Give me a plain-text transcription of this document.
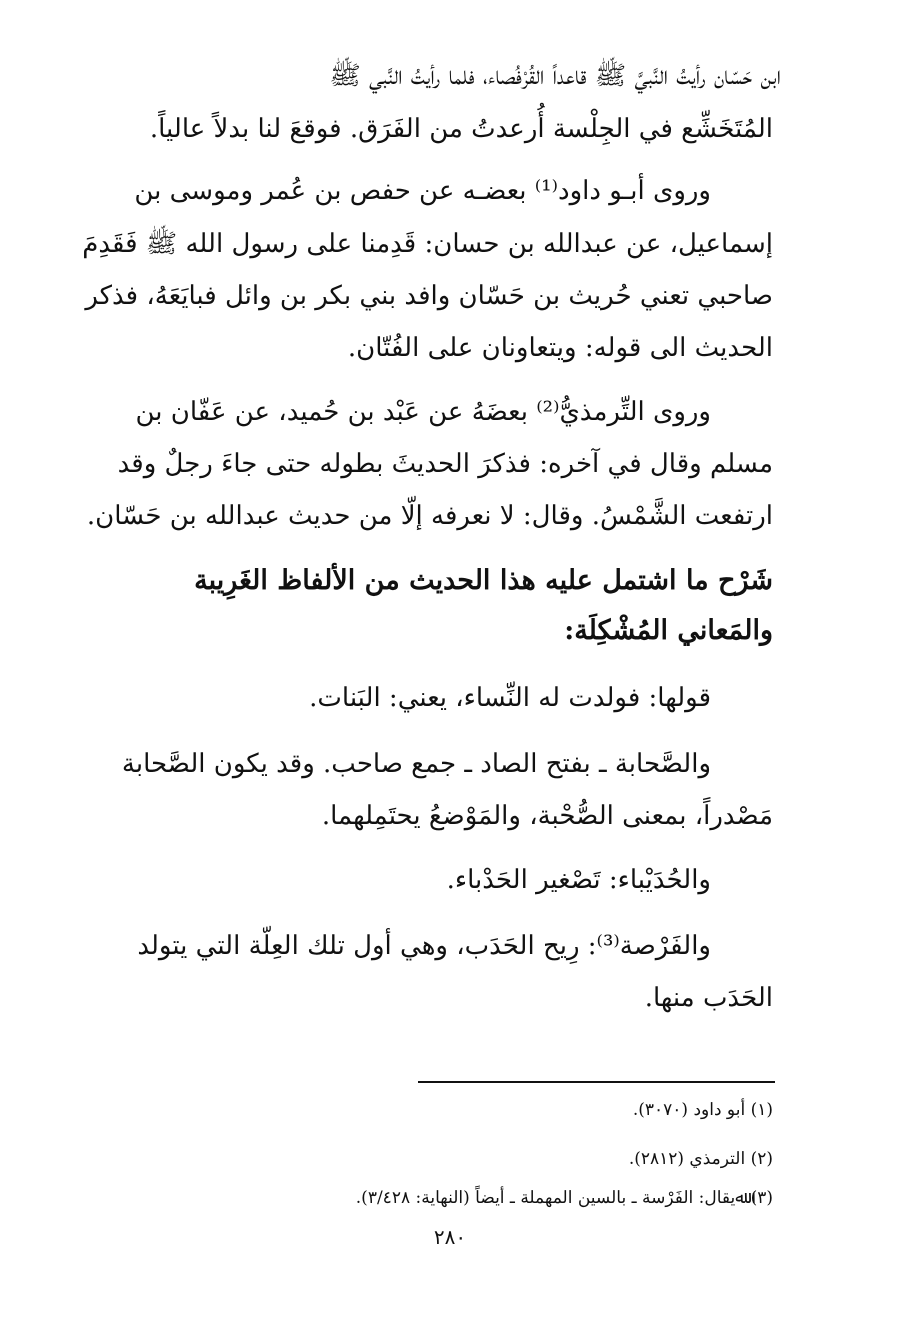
ابن حَسّان رأيتُ النَّبيَّ ﷺ قاعداً القُرْفُصاء، فلما رأيتُ النَّبي ﷺ
المُتَخَشِّع في الجِلْسة أُرعدتُ من الفَرَق. فوقعَ لنا بدلاً عالياً.
وروى أبـو داود⁽¹⁾ بعضـه عن حفص بن عُمر وموسى بن
إسماعيل، عن عبدالله بن حسان: قَدِمنا على رسول الله ﷺ فَقَدِمَ
صاحبي تعني حُريث بن حَسّان وافد بني بكر بن وائل فبايَعَهُ، فذكر
الحديث الى قوله: ويتعاونان على الفُتّان.
وروى التِّرمذيُّ⁽²⁾ بعضَهُ عن عَبْد بن حُميد، عن عَفّان بن
مسلم وقال في آخره: فذكرَ الحديثَ بطوله حتى جاءَ رجلٌ وقد
ارتفعت الشَّمْسُ. وقال: لا نعرفه إلّا من حديث عبدالله بن حَسّان.
شَرْح ما اشتمل عليه هذا الحديث من الألفاظ الغَرِيبة
والمَعاني المُشْكِلَة:
قولها: فولدت له النِّساء، يعني: البَنات.
والصَّحابة ـ بفتح الصاد ـ جمع صاحب. وقد يكون الصَّحابة
مَصْدراً، بمعنى الصُّحْبة، والمَوْضعُ يحتَمِلهما.
والحُدَيْباء: تَصْغير الحَدْباء.
والفَرْصة⁽³⁾: رِيح الحَدَب، وهي أول تلك العِلّة التي يتولد
الحَدَب منها.
(١) أبو داود (٣٠٧٠).
(٢) الترمذي (٢٨١٢).
(٣) ﷲيقال: الفَرْسة ـ بالسين المهملة ـ أيضاً (النهاية: ٣/٤٢٨).
٢٨٠
